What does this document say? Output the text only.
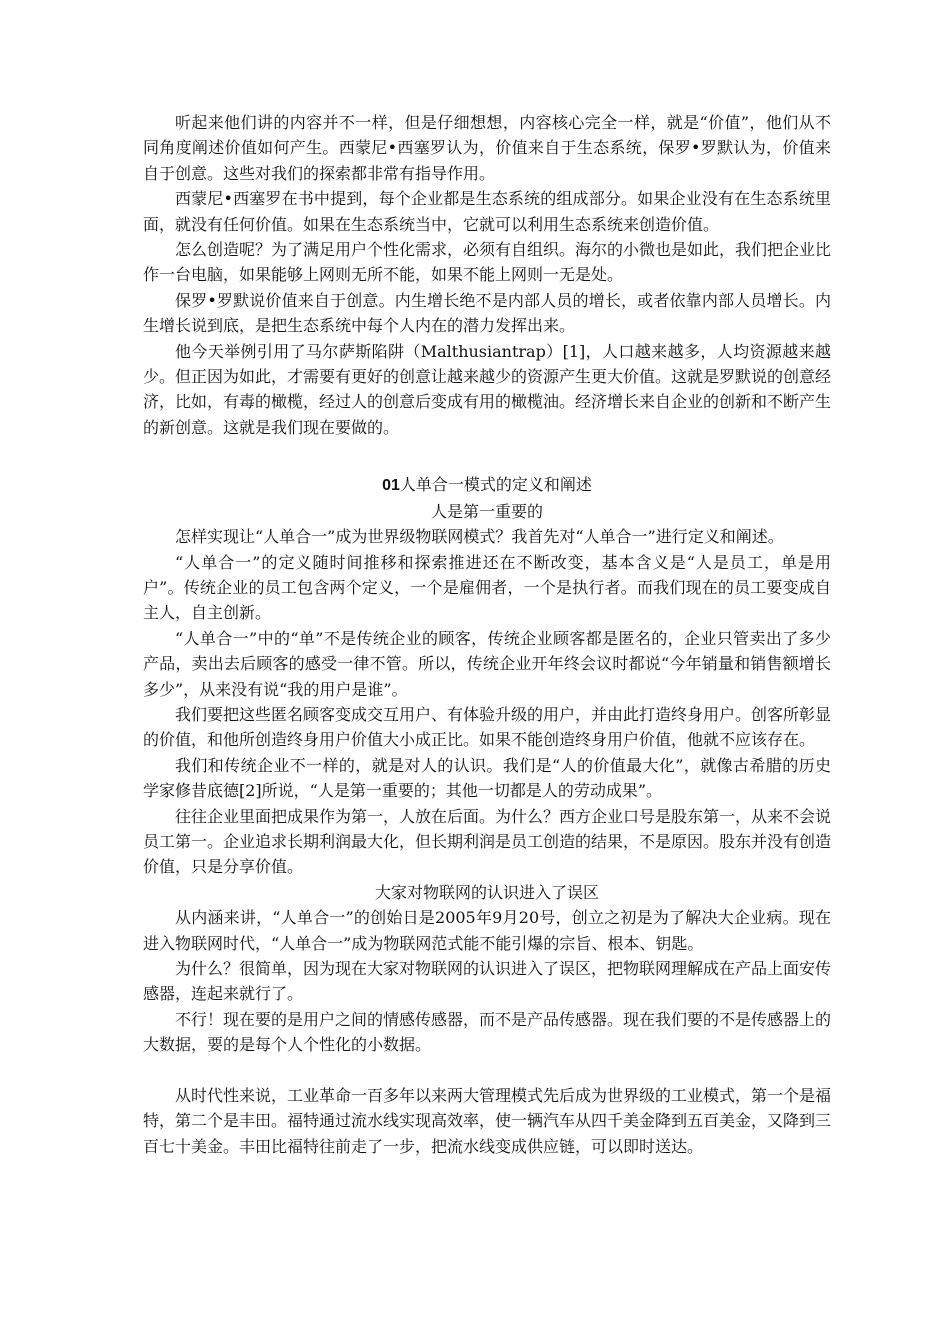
听起来他们讲的内容并不一样，但是仔细想想，内容核心完全一样，就是“价值”，他们从不同角度阐述价值如何产生。西蒙尼•西塞罗认为，价值来自于生态系统，保罗•罗默认为，价值来自于创意。这些对我们的探索都非常有指导作用。

西蒙尼•西塞罗在书中提到，每个企业都是生态系统的组成部分。如果企业没有在生态系统里面，就没有任何价值。如果在生态系统当中，它就可以利用生态系统来创造价值。

怎么创造呢？为了满足用户个性化需求，必须有自组织。海尔的小微也是如此，我们把企业比作一台电脑，如果能够上网则无所不能，如果不能上网则一无是处。

保罗•罗默说价值来自于创意。内生增长绝不是内部人员的增长，或者依靠内部人员增长。内生增长说到底，是把生态系统中每个人内在的潜力发挥出来。

他今天举例引用了马尔萨斯陷阱（Malthusiantrap）[1]，人口越来越多，人均资源越来越少。但正因为如此，才需要有更好的创意让越来越少的资源产生更大价值。这就是罗默说的创意经济，比如，有毒的橄榄，经过人的创意后变成有用的橄榄油。经济增长来自企业的创新和不断产生的新创意。这就是我们现在要做的。

01人单合一模式的定义和阐述

人是第一重要的

怎样实现让“人单合一”成为世界级物联网模式？我首先对“人单合一”进行定义和阐述。

“人单合一”的定义随时间推移和探索推进还在不断改变，基本含义是“人是员工，单是用户”。传统企业的员工包含两个定义，一个是雇佣者，一个是执行者。而我们现在的员工要变成自主人，自主创新。

“人单合一”中的“单”不是传统企业的顾客，传统企业顾客都是匿名的，企业只管卖出了多少产品，卖出去后顾客的感受一律不管。所以，传统企业开年终会议时都说“今年销量和销售额增长多少”，从来没有说“我的用户是谁”。

我们要把这些匿名顾客变成交互用户、有体验升级的用户，并由此打造终身用户。创客所彰显的价值，和他所创造终身用户价值大小成正比。如果不能创造终身用户价值，他就不应该存在。

我们和传统企业不一样的，就是对人的认识。我们是“人的价值最大化”，就像古希腊的历史学家修昔底德[2]所说，“人是第一重要的；其他一切都是人的劳动成果”。

往往企业里面把成果作为第一，人放在后面。为什么？西方企业口号是股东第一，从来不会说员工第一。企业追求长期利润最大化，但长期利润是员工创造的结果，不是原因。股东并没有创造价值，只是分享价值。

大家对物联网的认识进入了误区

从内涵来讲，“人单合一”的创始日是2005年9月20号，创立之初是为了解决大企业病。现在进入物联网时代，“人单合一”成为物联网范式能不能引爆的宗旨、根本、钥匙。

为什么？很简单，因为现在大家对物联网的认识进入了误区，把物联网理解成在产品上面安传感器，连起来就行了。

不行！现在要的是用户之间的情感传感器，而不是产品传感器。现在我们要的不是传感器上的大数据，要的是每个人个性化的小数据。

从时代性来说，工业革命一百多年以来两大管理模式先后成为世界级的工业模式，第一个是福特，第二个是丰田。福特通过流水线实现高效率，使一辆汽车从四千美金降到五百美金，又降到三百七十美金。丰田比福特往前走了一步，把流水线变成供应链，可以即时送达。
